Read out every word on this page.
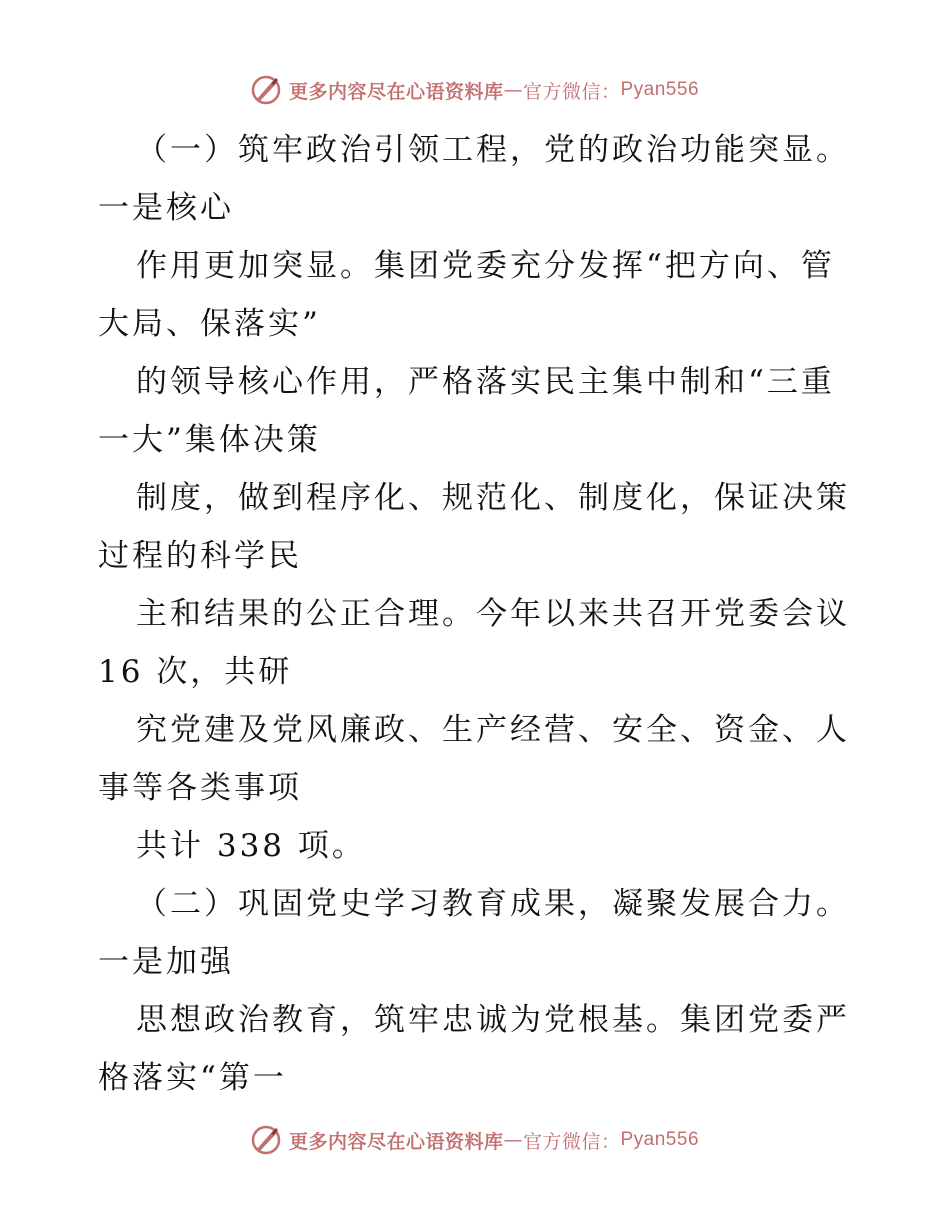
更多内容尽在心语资料库 — 官方微信： Pyan556
（一）筑牢政治引领工程，党的政治功能突显。
一是核心
作用更加突显。集团党委充分发挥“把方向、管
大局、保落实”
的领导核心作用，严格落实民主集中制和“三重
一大”集体决策
制度，做到程序化、规范化、制度化，保证决策
过程的科学民
主和结果的公正合理。今年以来共召开党委会议
16 次，共研
究党建及党风廉政、生产经营、安全、资金、人
事等各类事项
共计 338 项。
（二）巩固党史学习教育成果，凝聚发展合力。
一是加强
思想政治教育，筑牢忠诚为党根基。集团党委严
格落实“第一
更多内容尽在心语资料库 — 官方微信： Pyan556
